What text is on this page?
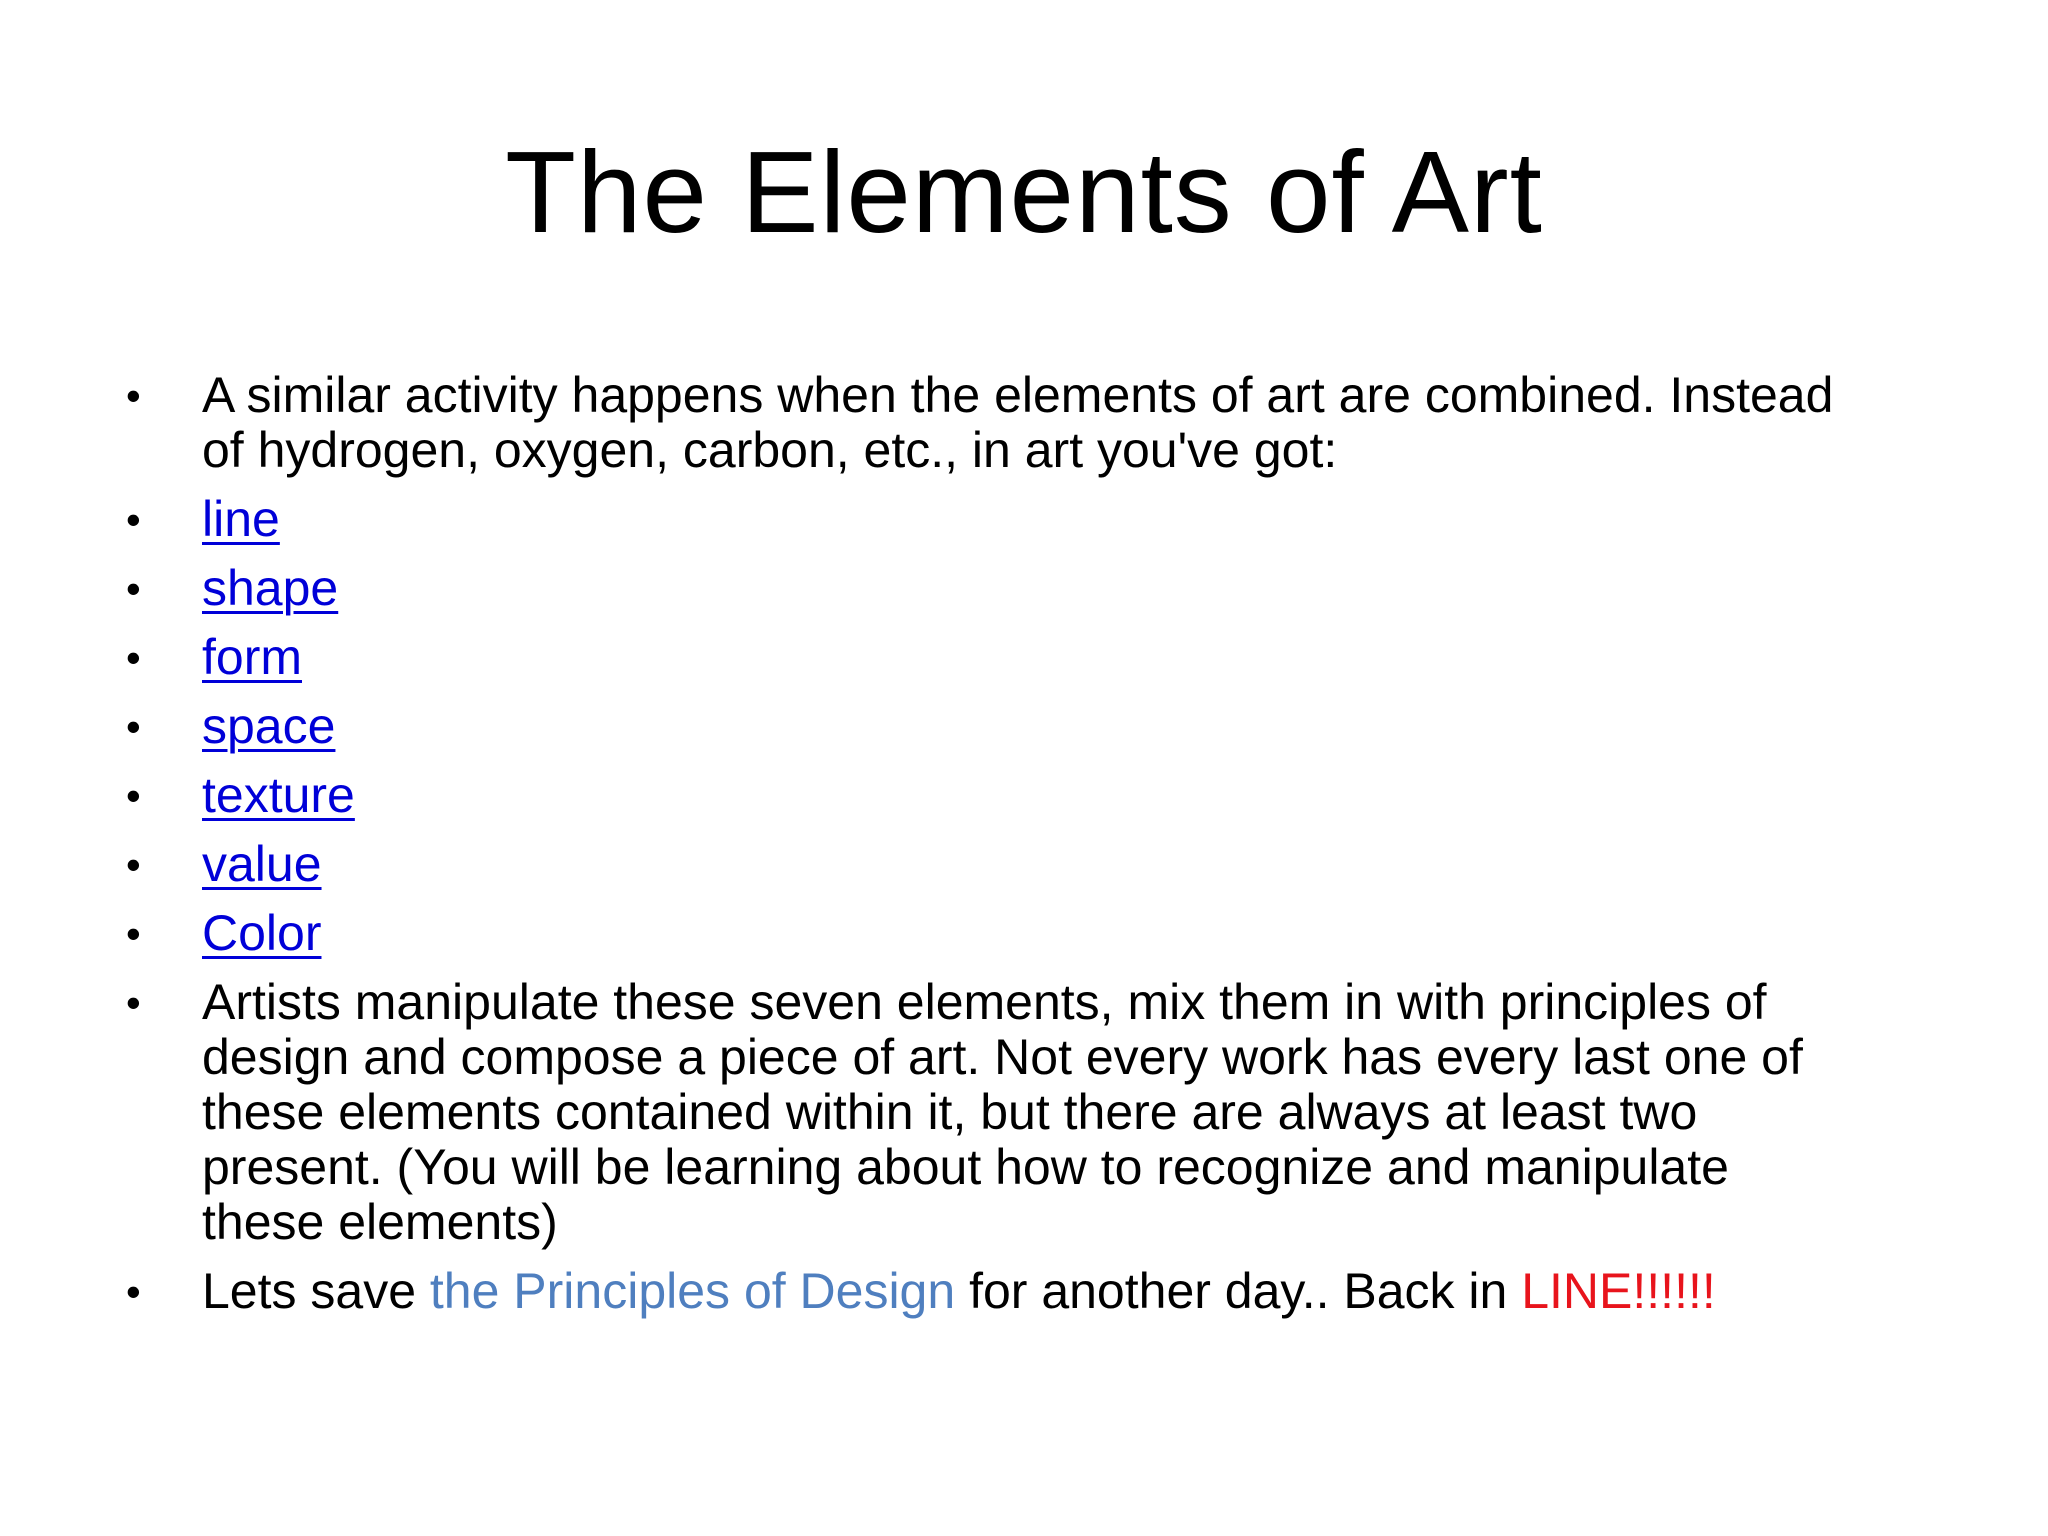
The Elements of Art
• A similar activity happens when the elements of art are combined. Instead
of hydrogen, oxygen, carbon, etc., in art you've got:
• line
• shape
• form
• space
• texture
• value
• Color
• Artists manipulate these seven elements, mix them in with principles of
design and compose a piece of art. Not every work has every last one of
these elements contained within it, but there are always at least two
present. (You will be learning about how to recognize and manipulate
these elements)
• Lets save the Principles of Design for another day.. Back in LINE!!!!!!
